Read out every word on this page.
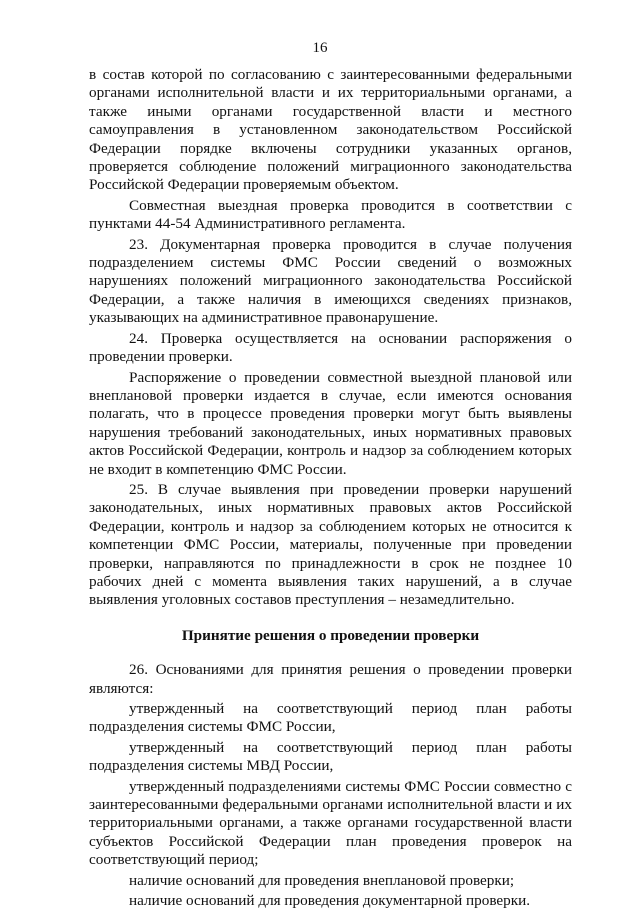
16

в состав которой по согласованию с заинтересованными федеральными органами исполнительной власти и их территориальными органами, а также иными органами государственной власти и местного самоуправления в установленном законодательством Российской Федерации порядке включены сотрудники указанных органов, проверяется соблюдение положений миграционного законодательства Российской Федерации проверяемым объектом.

Совместная выездная проверка проводится в соответствии с пунктами 44-54 Административного регламента.

23. Документарная проверка проводится в случае получения подразделением системы ФМС России сведений о возможных нарушениях положений миграционного законодательства Российской Федерации, а также наличия в имеющихся сведениях признаков, указывающих на административное правонарушение.

24. Проверка осуществляется на основании распоряжения о проведении проверки.

Распоряжение о проведении совместной выездной плановой или внеплановой проверки издается в случае, если имеются основания полагать, что в процессе проведения проверки могут быть выявлены нарушения требований законодательных, иных нормативных правовых актов Российской Федерации, контроль и надзор за соблюдением которых не входит в компетенцию ФМС России.

25. В случае выявления при проведении проверки нарушений законодательных, иных нормативных правовых актов Российской Федерации, контроль и надзор за соблюдением которых не относится к компетенции ФМС России, материалы, полученные при проведении проверки, направляются по принадлежности в срок не позднее 10 рабочих дней с момента выявления таких нарушений, а в случае выявления уголовных составов преступления – незамедлительно.

Принятие решения о проведении проверки

26. Основаниями для принятия решения о проведении проверки являются:

утвержденный на соответствующий период план работы подразделения системы ФМС России,

утвержденный на соответствующий период план работы подразделения системы МВД России,

утвержденный подразделениями системы ФМС России совместно с заинтересованными федеральными органами исполнительной власти и их территориальными органами, а также органами государственной власти субъектов Российской Федерации план проведения проверок на соответствующий период;

наличие оснований для проведения внеплановой проверки;

наличие оснований для проведения документарной проверки.
